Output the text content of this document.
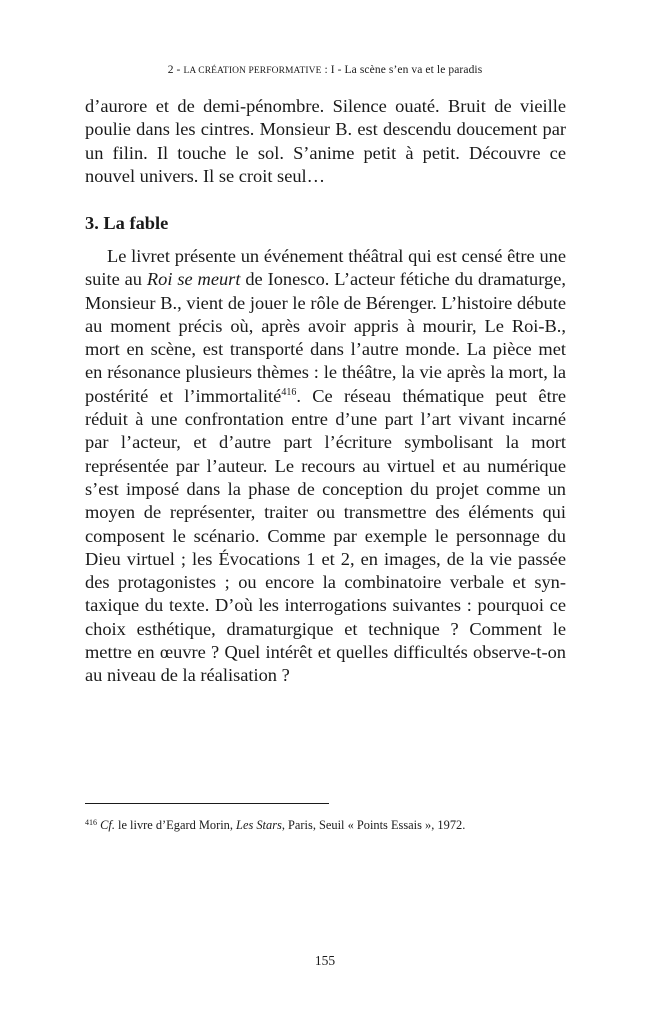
2 - LA CRÉATION PERFORMATIVE : I - La scène s’en va et le paradis

d’aurore et de demi-pénombre. Silence ouaté. Bruit de vieille poulie dans les cintres. Monsieur B. est descendu doucement par un filin. Il touche le sol. S’anime petit à petit. Découvre ce nouvel univers. Il se croit seul…

3. La fable

Le livret présente un événement théâtral qui est censé être une suite au Roi se meurt de Ionesco. L’acteur fétiche du dramaturge, Monsieur B., vient de jouer le rôle de Bérenger. L’histoire débute au moment précis où, après avoir appris à mourir, Le Roi-B., mort en scène, est transporté dans l’autre monde. La pièce met en résonance plusieurs thèmes : le théâtre, la vie après la mort, la postérité et l’immortalité$^{416}$. Ce réseau thématique peut être réduit à une confrontation entre d’une part l’art vivant incarné par l’acteur, et d’autre part l’écriture symbolisant la mort représentée par l’auteur. Le recours au virtuel et au numérique s’est imposé dans la phase de conception du projet comme un moyen de représenter, traiter ou transmettre des éléments qui composent le scénario. Comme par exemple le personnage du Dieu virtuel ; les Évocations 1 et 2, en images, de la vie passée des protagonistes ; ou encore la combinatoire verbale et syntaxique du texte. D’où les interrogations suivantes : pourquoi ce choix esthétique, dramaturgique et technique ? Comment le mettre en œuvre ? Quel intérêt et quelles difficultés observe-t-on au niveau de la réalisation ?

$^{416}$ Cf. le livre d’Egard Morin, Les Stars, Paris, Seuil « Points Essais », 1972.
155
